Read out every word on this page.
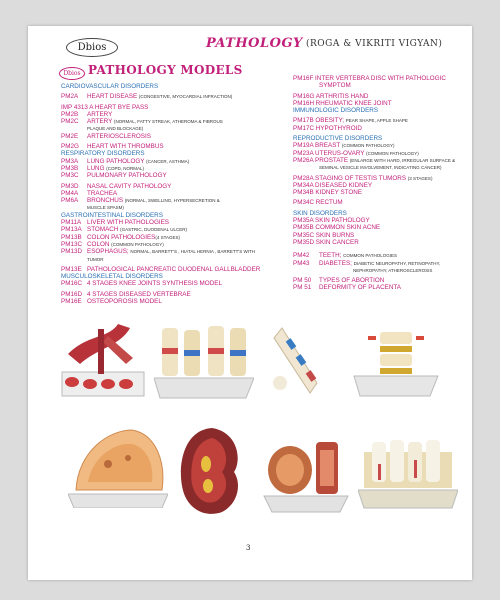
Dbios	PATHOLOGY (ROGA & VIKRITI VIGYAN)
Dbios PATHOLOGY MODELS
CARDIOVASCULAR DISORDERS
PM2A HEART DISEASE (CONGESTIVE, MYOCARDIAL INFRACTION)
IMP 4313 A HEART BYE PASS
PM2B ARTERY
PM2C ARTERY (NORMAL, FATTY STREAK, ATHEROMA & FIBROUS
PLAQUE AND BLOCKAGE)
PM2E ARTERIOSCLEROSIS
PM2G HEART WITH THROMBUS
RESPIRATORY DISORDERS
PM3A LUNG PATHOLOGY (CANCER, ASTHMA)
PM3B LUNG (COPD, NORMAL)
PM3C PULMONARY PATHOLOGY
PM3D NASAL CAVITY PATHOLOGY
PM4A TRACHEA
PM6A BRONCHUS (NORMAL, SWELLING, HYPERSECRETION &
MUSCLE SPASM)
GASTROINTESTINAL DISORDERS
PM11A LIVER WITH PATHOLOGIES
PM13A STOMACH (GASTRIC, DUODENAL ULCER)
PM13B COLON PATHOLOGIES(4 STAGES)
PM13C COLON (COMMON PATHOLOGY)
PM13D ESOPHAGUS; NORMAL, BARRETT'S , HIATAL HERNIA , BARRETT'S WITH
TUMOR
PM13E PATHOLOGICAL PANCREATIC DUODENAL GALLBLADDER
MUSCULOSKELETAL DISORDERS
PM16C 4 STAGES KNEE JOINTS SYNTHESIS MODEL
PM16D 4 STAGES DISEASED VERTEBRAE
PM16E OSTEOPOROSIS MODEL
PM16F INTER VERTEBRA DISC WITH PATHOLOGIC
SYMPTOM
PM16G ARTHRITIS HAND
PM16H RHEUMATIC KNEE JOINT
IMMUNOLOGIC DISORDERS
PM17B OBESITY; PEAR SHAPE, APPLE SHAPE
PM17C HYPOTHYROID
REPRODUCTIVE DISORDERS
PM19A BREAST (COMMON PATHOLOGY)
PM23A UTERUS-OVARY (COMMON PATHOLOGY)
PM26A PROSTATE (ENLARGE WITH HARD, IRREGULAR SURFACE &
SEMINAL VESICLE INVOLVEMENT, INDICATING CANCER)
PM28A STAGING OF TESTIS TUMORS (3 STAGES)
PM34A DISEASED KIDNEY
PM34B KIDNEY STONE
PM34C RECTUM
SKIN DISORDERS
PM35A SKIN PATHOLOGY
PM35B COMMON SKIN ACNE
PM35C SKIN BURNS
PM35D SKIN CANCER
PM42 TEETH; COMMON PATHOLOGIES
PM43 DIABETES; DIABETIC NEUROPATHY, RETINOPATHY,
NEPHROPATHY, ATHEROSCLEROSIS
PM 50 TYPES OF ABORTION
PM 51 DEFORMITY OF PLACENTA
3
